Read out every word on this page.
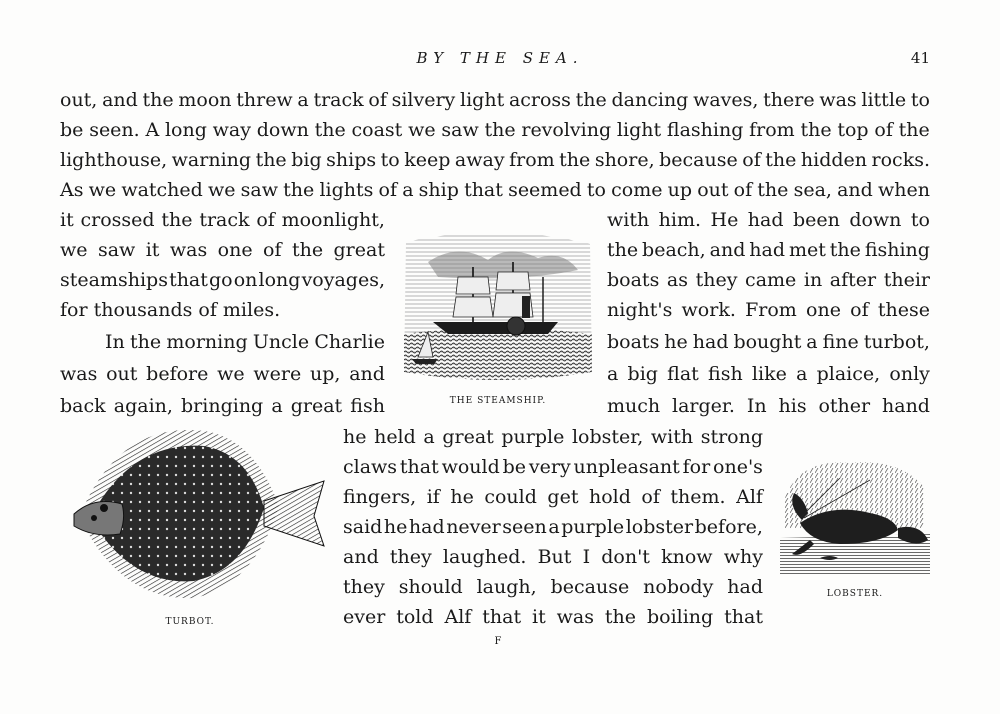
BY THE SEA.	41
out, and the moon threw a track of silvery light across the dancing waves, there was little to
be seen. A long way down the coast we saw the revolving light flashing from the top of the
lighthouse, warning the big ships to keep away from the shore, because of the hidden rocks.
As we watched we saw the lights of a ship that seemed to come up out of the sea, and when
it crossed the track of moonlight,
we saw it was one of the great
steamships that go on long voyages,
for thousands of miles.
In the morning Uncle Charlie
was out before we were up, and
back again, bringing a great fish
with him. He had been down to
the beach, and had met the fishing
boats as they came in after their
night's work. From one of these
boats he had bought a fine turbot,
a big flat fish like a plaice, only
much larger. In his other hand
he held a great purple lobster, with strong
claws that would be very unpleasant for one's
fingers, if he could get hold of them. Alf
said he had never seen a purple lobster before,
and they laughed. But I don't know why
they should laugh, because nobody had
ever told Alf that it was the boiling that
THE STEAMSHIP.
TURBOT.
LOBSTER.
F
